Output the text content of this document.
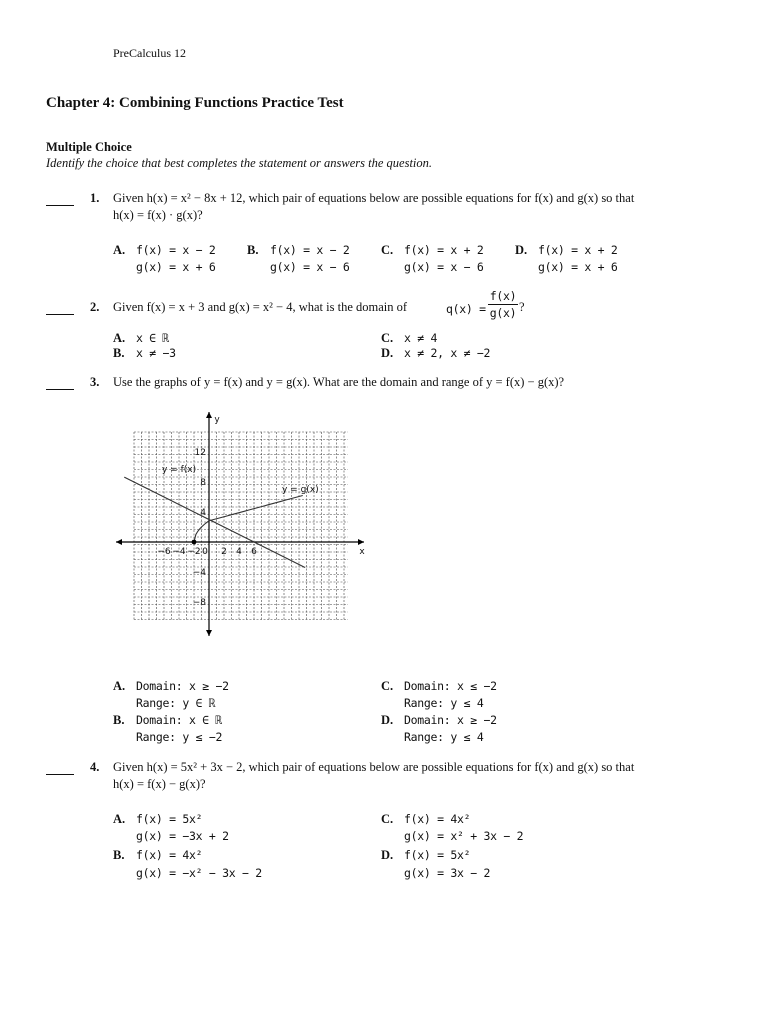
PreCalculus 12
Chapter 4: Combining Functions Practice Test
Multiple Choice
Identify the choice that best completes the statement or answers the question.
1. Given h(x) = x² − 8x + 12, which pair of equations below are possible equations for f(x) and g(x) so that
h(x) = f(x) · g(x)?
A. f(x) = x − 2
g(x) = x + 6
B. f(x) = x − 2
g(x) = x − 6
C. f(x) = x + 2
g(x) = x − 6
D. f(x) = x + 2
g(x) = x + 6
2. Given f(x) = x + 3 and g(x) = x² − 4, what is the domain of	q(x) =
f(x)
g(x) ?
A. x ∈ ℝ
B. x ≠ −3
C. x ≠ 4
D. x ≠ 2, x ≠ −2
3. Use the graphs of y = f(x) and y = g(x). What are the domain and range of y = f(x) − g(x)?
−6 −4 −2 0 2 4 6
12
8
4
−4
−8
x
y
y = f(x)
y = g(x)
A. Domain: x ≥ −2
Range: y ∈ ℝ
B. Domain: x ∈ ℝ
Range: y ≤ −2
C. Domain: x ≤ −2
Range: y ≤ 4
D. Domain: x ≥ −2
Range: y ≤ 4
4. Given h(x) = 5x² + 3x − 2, which pair of equations below are possible equations for f(x) and g(x) so that
h(x) = f(x) − g(x)?
A. f(x) = 5x²
g(x) = −3x + 2
B. f(x) = 4x²
g(x) = −x² − 3x − 2
C. f(x) = 4x²
g(x) = x² + 3x − 2
D. f(x) = 5x²
g(x) = 3x − 2
